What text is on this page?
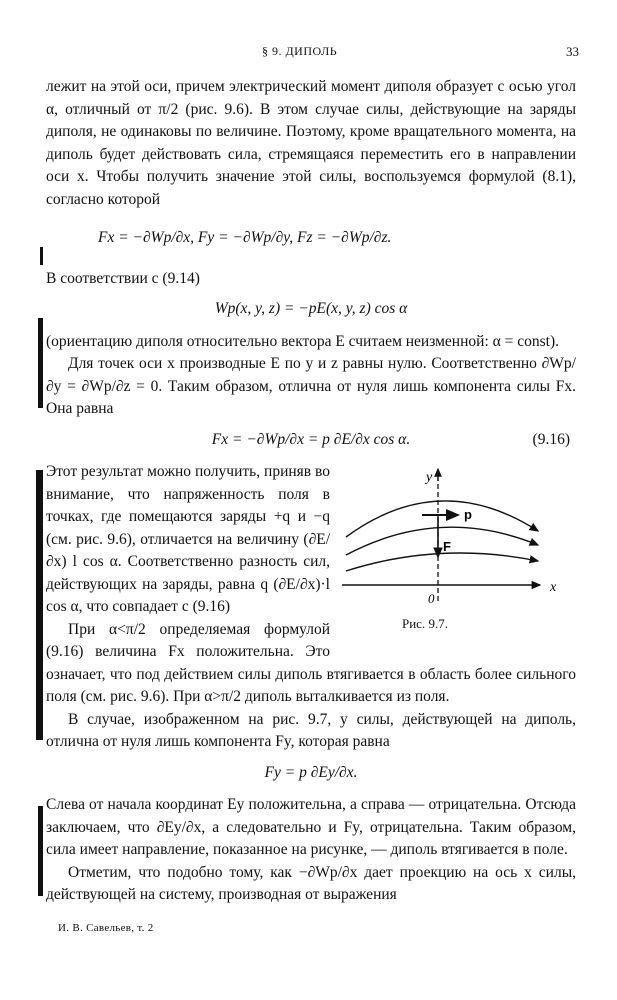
§ 9. ДИПОЛЬ	33

лежит на этой оси, причем электрический момент диполя образует с осью угол α, отличный от π/2 (рис. 9.6). В этом случае силы, действующие на заряды диполя, не одинаковы по величине. Поэтому, кроме вращательного момента, на диполь будет действовать сила, стремящаяся переместить его в направлении оси x. Чтобы получить значение этой силы, воспользуемся формулой (8.1), согласно которой

Fx = −∂Wp/∂x, Fy = −∂Wp/∂y, Fz = −∂Wp/∂z.

В соответствии с (9.14)

Wp(x, y, z) = −pE(x, y, z) cos α

(ориентацию диполя относительно вектора E считаем неизменной: α = const).

Для точек оси x производные E по y и z равны нулю. Соответственно ∂Wp/∂y = ∂Wp/∂z = 0. Таким образом, отлична от нуля лишь компонента силы Fx. Она равна

Fx = −∂Wp/∂x = p ∂E/∂x cos α.	(9.16)
y
x
0
p
F
Рис. 9.7.

Этот результат можно получить, приняв во внимание, что напряженность поля в точках, где помещаются заряды +q и −q (см. рис. 9.6), отличается на величину (∂E/∂x) l cos α. Соответственно разность сил, действующих на заряды, равна q (∂E/∂x)·l cos α, что совпадает с (9.16)

При α<π/2 определяемая формулой (9.16) величина Fx положительна. Это означает, что под действием силы диполь втягивается в область более сильного поля (см. рис. 9.6). При α>π/2 диполь выталкивается из поля.

В случае, изображенном на рис. 9.7, у силы, действующей на диполь, отлична от нуля лишь компонента Fy, которая равна

Fy = p ∂Ey/∂x.

Слева от начала координат Ey положительна, а справа — отрицательна. Отсюда заключаем, что ∂Ey/∂x, а следовательно и Fy, отрицательна. Таким образом, сила имеет направление, показанное на рисунке, — диполь втягивается в поле.

Отметим, что подобно тому, как −∂Wp/∂x дает проекцию на ось x силы, действующей на систему, производная от выражения

И. В. Савельев, т. 2
